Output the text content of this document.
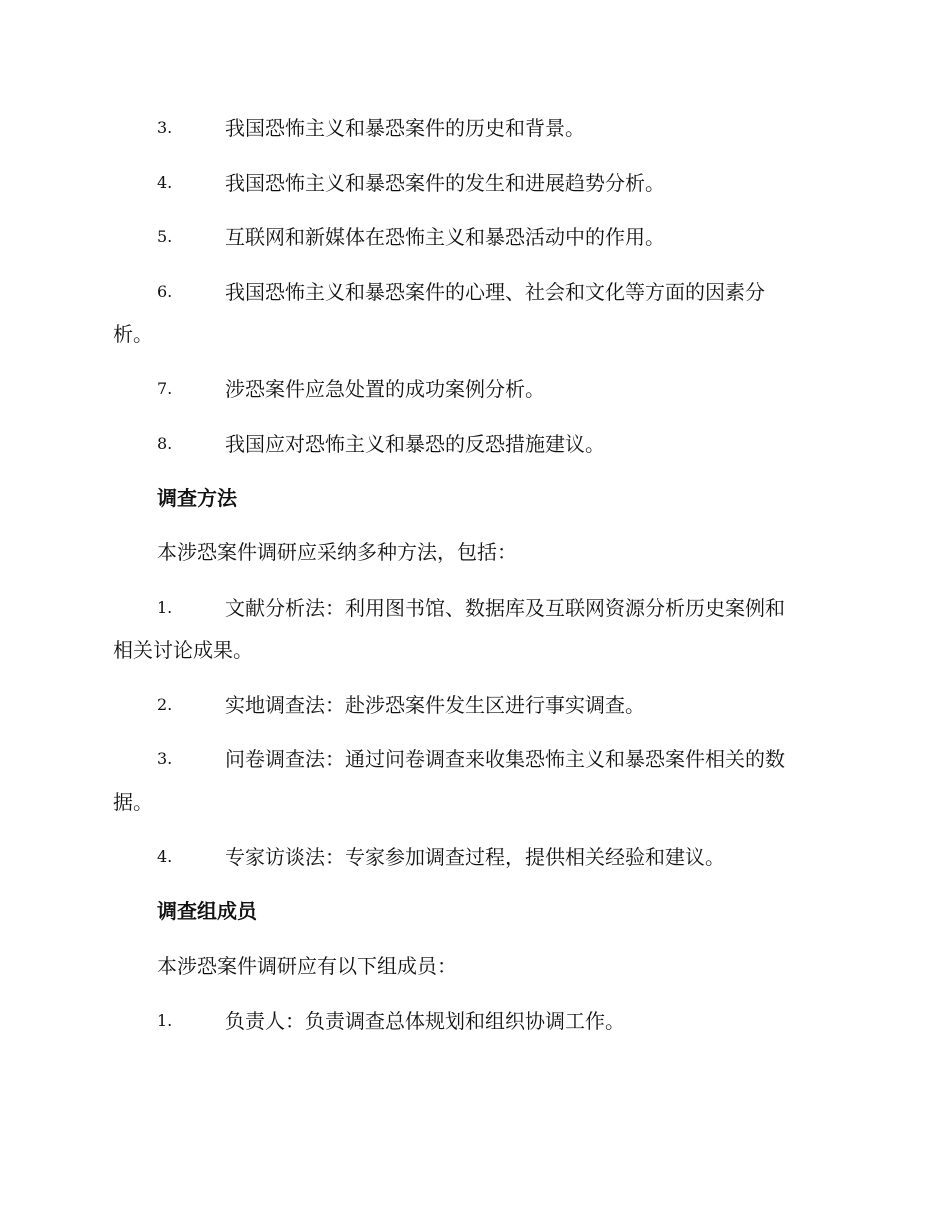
3.	我国恐怖主义和暴恐案件的历史和背景。
4.	我国恐怖主义和暴恐案件的发生和进展趋势分析。
5.	互联网和新媒体在恐怖主义和暴恐活动中的作用。
6.	我国恐怖主义和暴恐案件的心理、社会和文化等方面的因素分
析。
7.	涉恐案件应急处置的成功案例分析。
8.	我国应对恐怖主义和暴恐的反恐措施建议。
调查方法
本涉恐案件调研应采纳多种方法，包括：
1.	文献分析法：利用图书馆、数据库及互联网资源分析历史案例和
相关讨论成果。
2.	实地调查法：赴涉恐案件发生区进行事实调查。
3.	问卷调查法：通过问卷调查来收集恐怖主义和暴恐案件相关的数
据。
4.	专家访谈法：专家参加调查过程，提供相关经验和建议。
调查组成员
本涉恐案件调研应有以下组成员：
1.	负责人：负责调查总体规划和组织协调工作。
